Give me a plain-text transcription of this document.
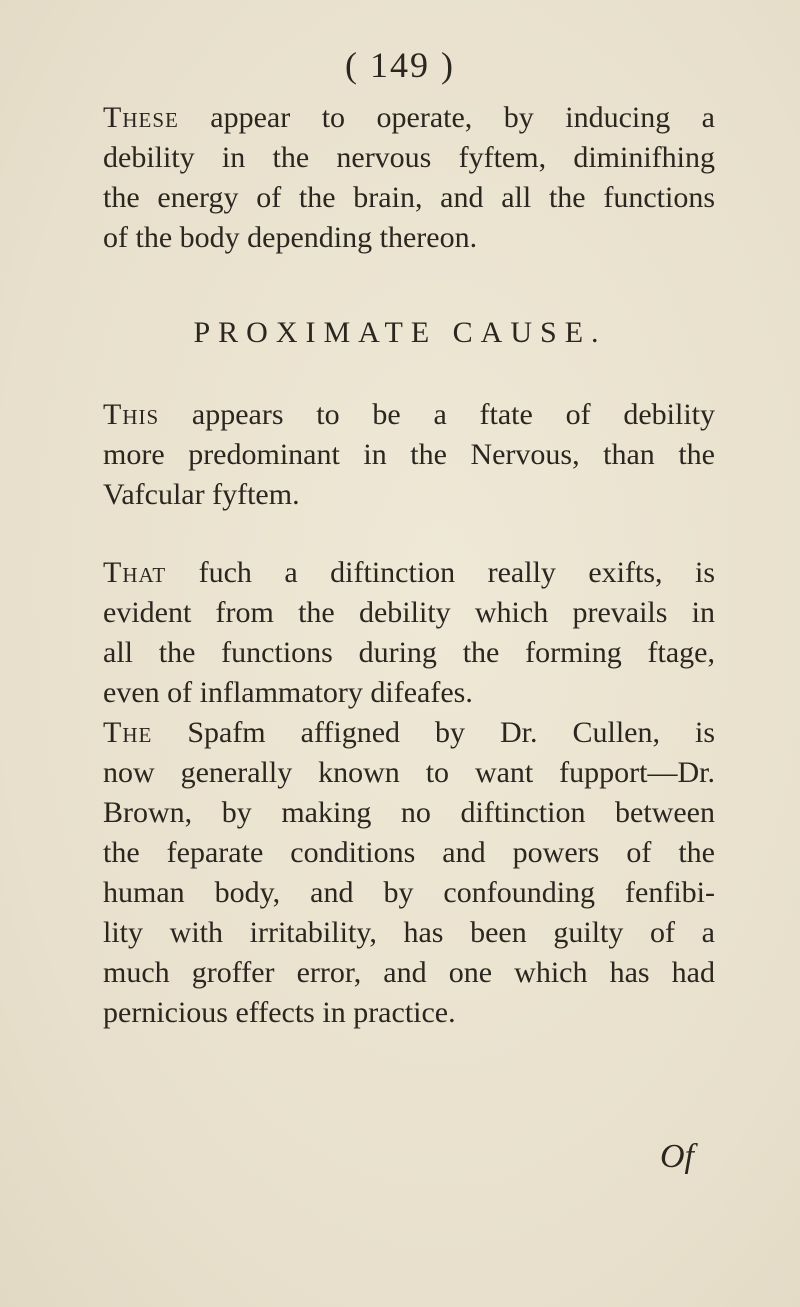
( 149 )
These appear to operate, by inducing a
debility in the nervous fyftem, diminifhing
the energy of the brain, and all the functions
of the body depending thereon.
PROXIMATE CAUSE.
This appears to be a ftate of debility
more predominant in the Nervous, than the
Vafcular fyftem.
That fuch a diftinction really exifts, is
evident from the debility which prevails in
all the functions during the forming ftage,
even of inflammatory difeafes.
The Spafm affigned by Dr. Cullen, is
now generally known to want fupport—Dr.
Brown, by making no diftinction between
the feparate conditions and powers of the
human body, and by confounding fenfibi-
lity with irritability, has been guilty of a
much groffer error, and one which has had
pernicious effects in practice.
Of
